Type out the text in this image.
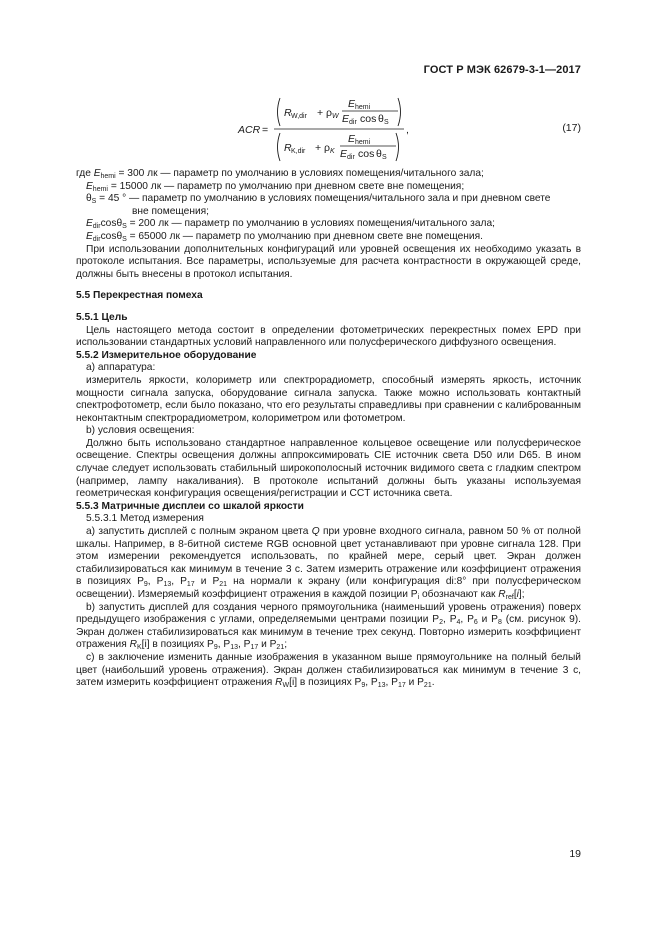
ГОСТ Р МЭК 62679-3-1—2017
ACR =
R W,dir + ρ W
E hemi
E dir cos θ S
R K,dir + ρ K
E hemi
E dir cos θ S
,	(17)

где $E_{hemi} = 300$ лк — параметр по умолчанию в условиях помещения/читального зала;

$E_{hemi} = 15000$ лк — параметр по умолчанию при дневном свете вне помещения;

$\theta_S = 45$ ° — параметр по умолчанию в условиях помещения/читального зала и при дневном свете
вне помещения;

$E_{dir}\cos\theta_S = 200$ лк — параметр по умолчанию в условиях помещения/читального зала;

$E_{dir}\cos\theta_S = 65000$ лк — параметр по умолчанию при дневном свете вне помещения.

При использовании дополнительных конфигураций или уровней освещения их необходимо указать в протоколе испытания. Все параметры, используемые для расчета контрастности в окружающей среде, должны быть внесены в протокол испытания.

5.5 Перекрестная помеха

5.5.1 Цель

Цель настоящего метода состоит в определении фотометрических перекрестных помех EPD при использовании стандартных условий направленного или полусферического диффузного освещения.

5.5.2 Измерительное оборудование

а) аппаратура:

измеритель яркости, колориметр или спектрорадиометр, способный измерять яркость, источник мощности сигнала запуска, оборудование сигнала запуска. Также можно использовать контактный спектрофотометр, если было показано, что его результаты справедливы при сравнении с калиброванным неконтактным спектрорадиометром, колориметром или фотометром.

b) условия освещения:

Должно быть использовано стандартное направленное кольцевое освещение или полусферическое освещение. Спектры освещения должны аппроксимировать CIE источник света D50 или D65. В ином случае следует использовать стабильный широкополосный источник видимого света с гладким спектром (например, лампу накаливания). В протоколе испытаний должны быть указаны используемая геометрическая конфигурация освещения/регистрации и CCT источника света.

5.5.3 Матричные дисплеи со шкалой яркости

5.5.3.1 Метод измерения

а) запустить дисплей с полным экраном цвета Q при уровне входного сигнала, равном 50 % от полной шкалы. Например, в 8-битной системе RGB основной цвет устанавливают при уровне сигнала 128. При этом измерении рекомендуется использовать, по крайней мере, серый цвет. Экран должен стабилизироваться как минимум в течение 3 с. Затем измерить отражение или коэффициент отражения в позициях $P_9$, $P_{13}$, $P_{17}$ и $P_{21}$ на нормали к экрану (или конфигурация di:8° при полусферическом освещении). Измеряемый коэффициент отражения в каждой позиции $P_i$ обозначают как $R_{ref}[i]$;

b) запустить дисплей для создания черного прямоугольника (наименьший уровень отражения) поверх предыдущего изображения с углами, определяемыми центрами позиции $P_2$, $P_4$, $P_6$ и $P_8$ (см. рисунок 9). Экран должен стабилизироваться как минимум в течение трех секунд. Повторно измерить коэффициент отражения $R_K[i]$ в позициях $P_9$, $P_{13}$, $P_{17}$ и $P_{21}$;

c) в заключение изменить данные изображения в указанном выше прямоугольнике на полный белый цвет (наибольший уровень отражения). Экран должен стабилизироваться как минимум в течение 3 с, затем измерить коэффициент отражения $R_W[i]$ в позициях $P_9$, $P_{13}$, $P_{17}$ и $P_{21}$.

19
